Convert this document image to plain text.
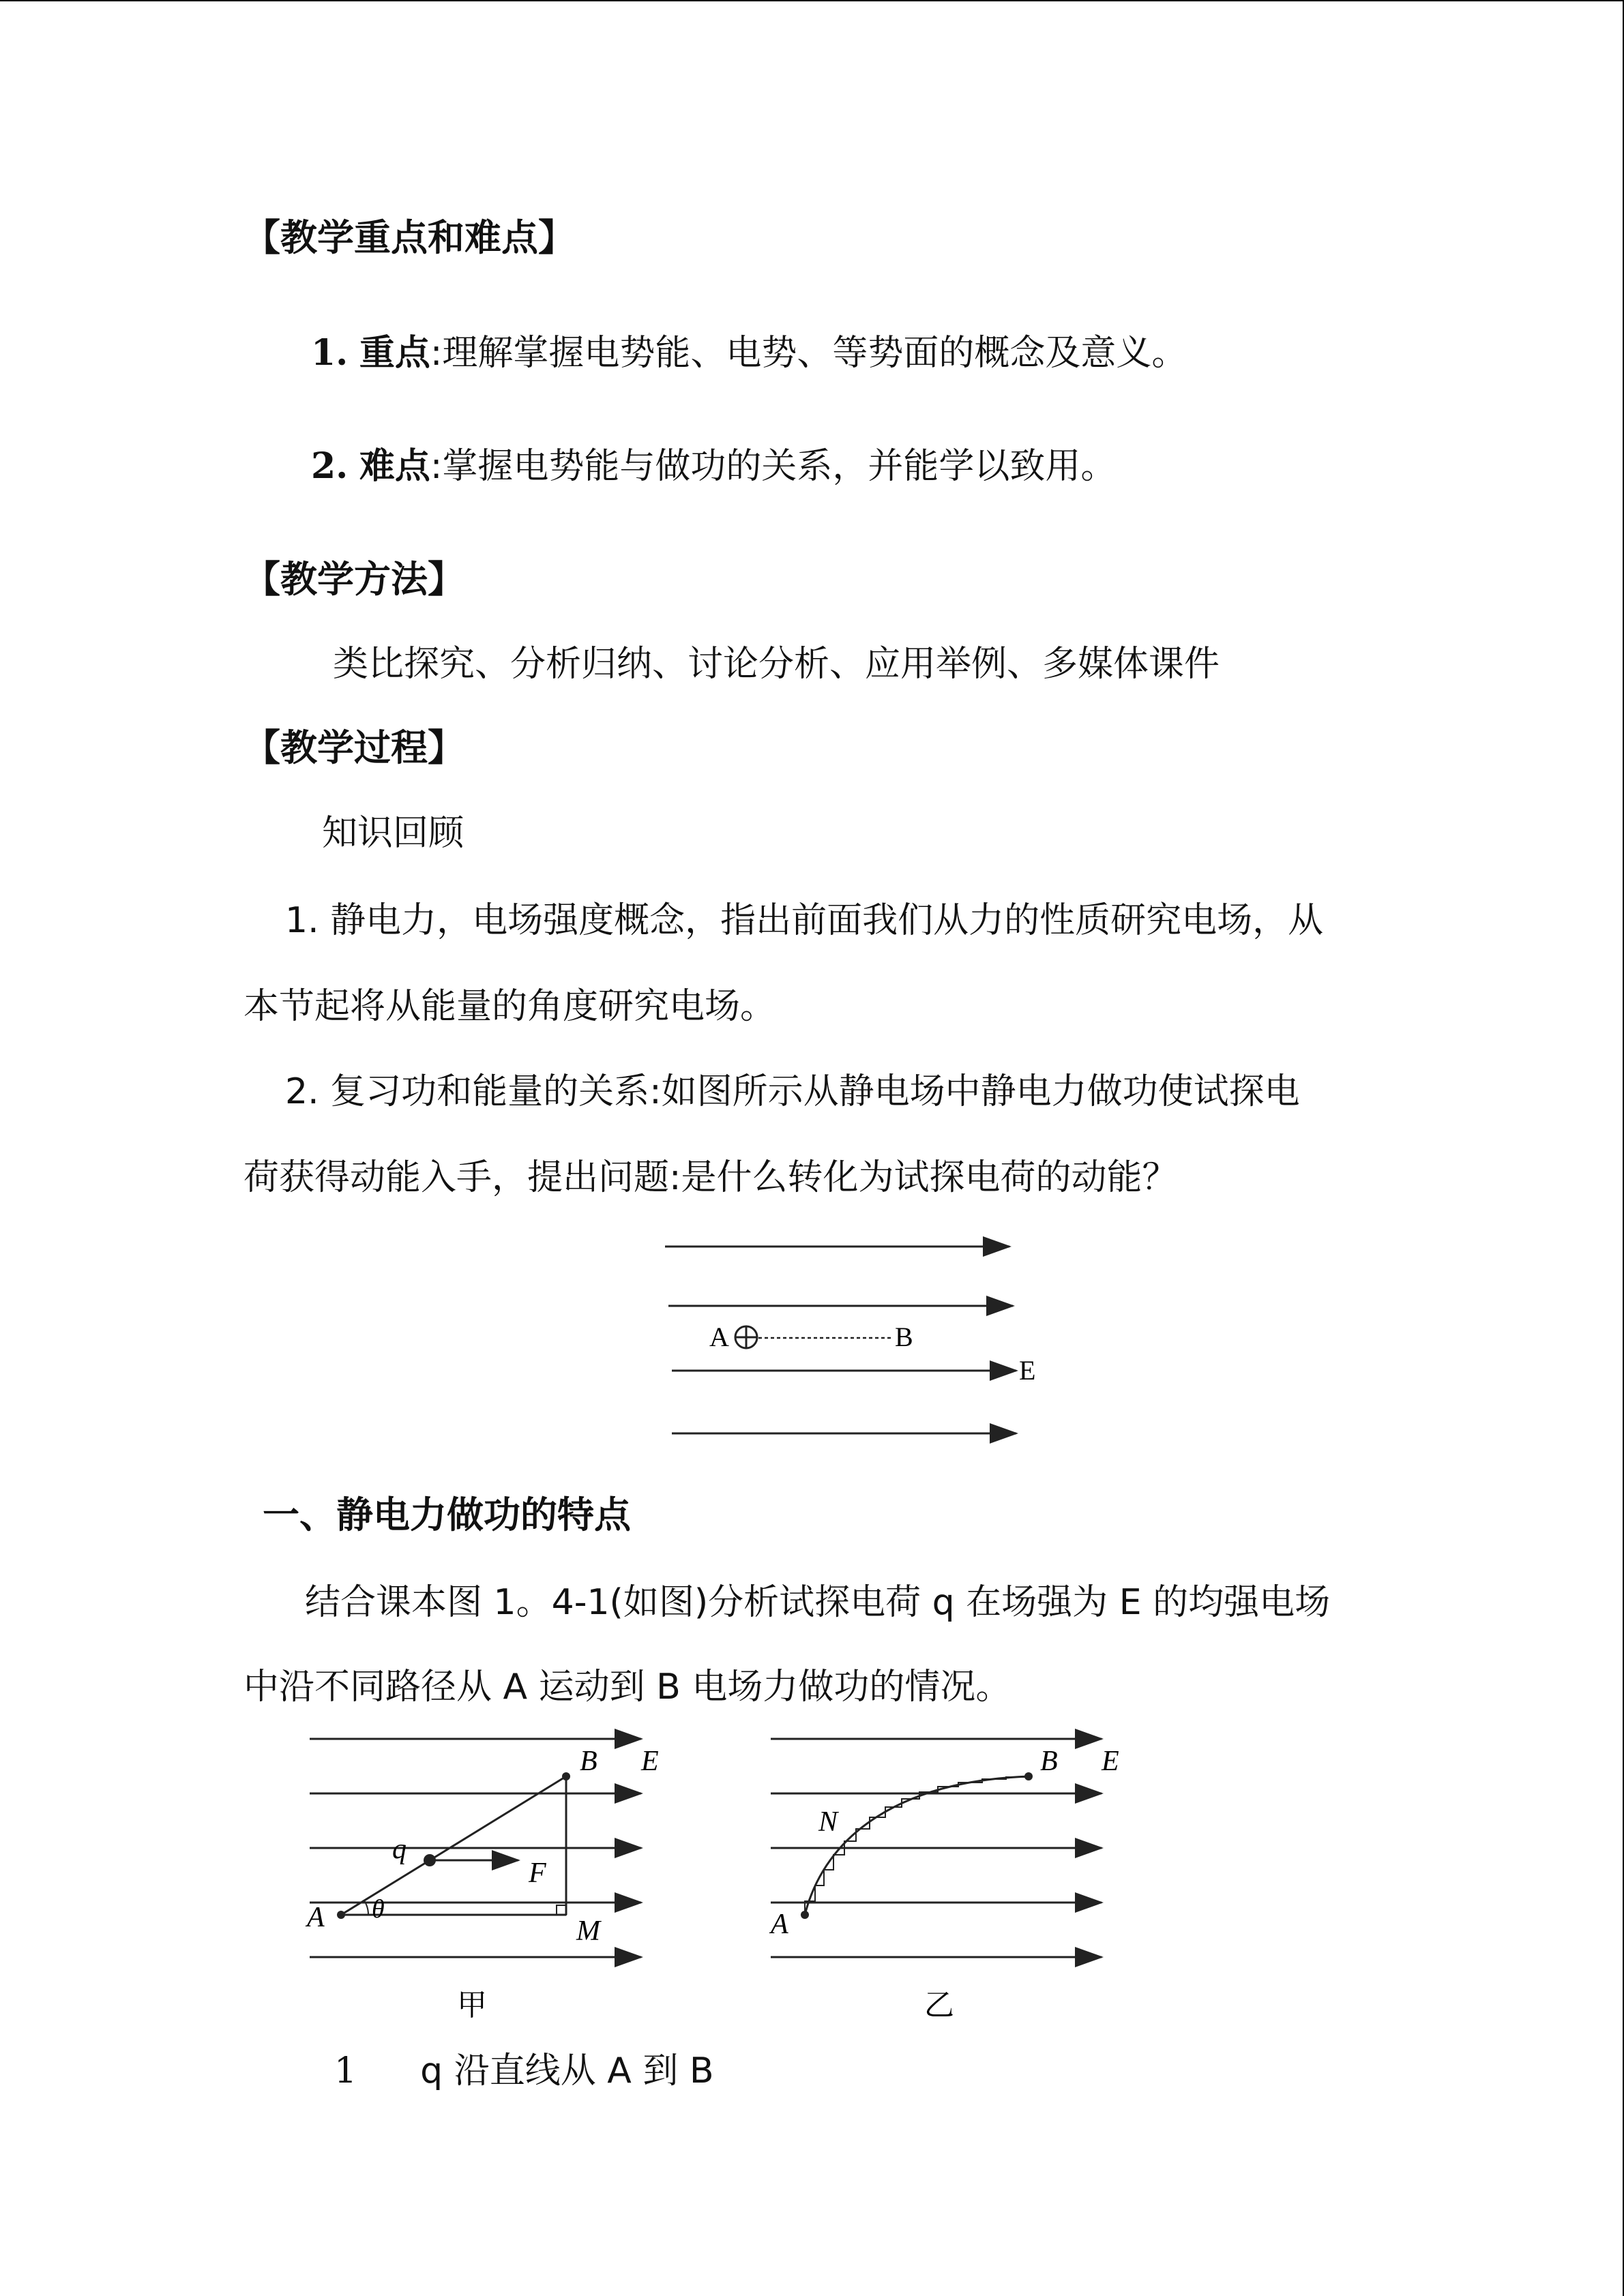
【教学重点和难点】
1. 重点:理解掌握电势能、电势、等势面的概念及意义。
2. 难点:掌握电势能与做功的关系，并能学以致用。
【教学方法】
类比探究、分析归纳、讨论分析、应用举例、多媒体课件
【教学过程】
知识回顾
1. 静电力，电场强度概念，指出前面我们从力的性质研究电场，从
本节起将从能量的角度研究电场。
2. 复习功和能量的关系:如图所示从静电场中静电力做功使试探电
荷获得动能入手，提出问题:是什么转化为试探电荷的动能？
A	B
E
一、静电力做功的特点
结合课本图 1。4-1(如图)分析试探电荷 q 在场强为 E 的均强电场
中沿不同路径从 A 运动到 B 电场力做功的情况。
B E
q
F
A θ
M
甲
B E
N
A
乙
1 q 沿直线从 A 到 B
